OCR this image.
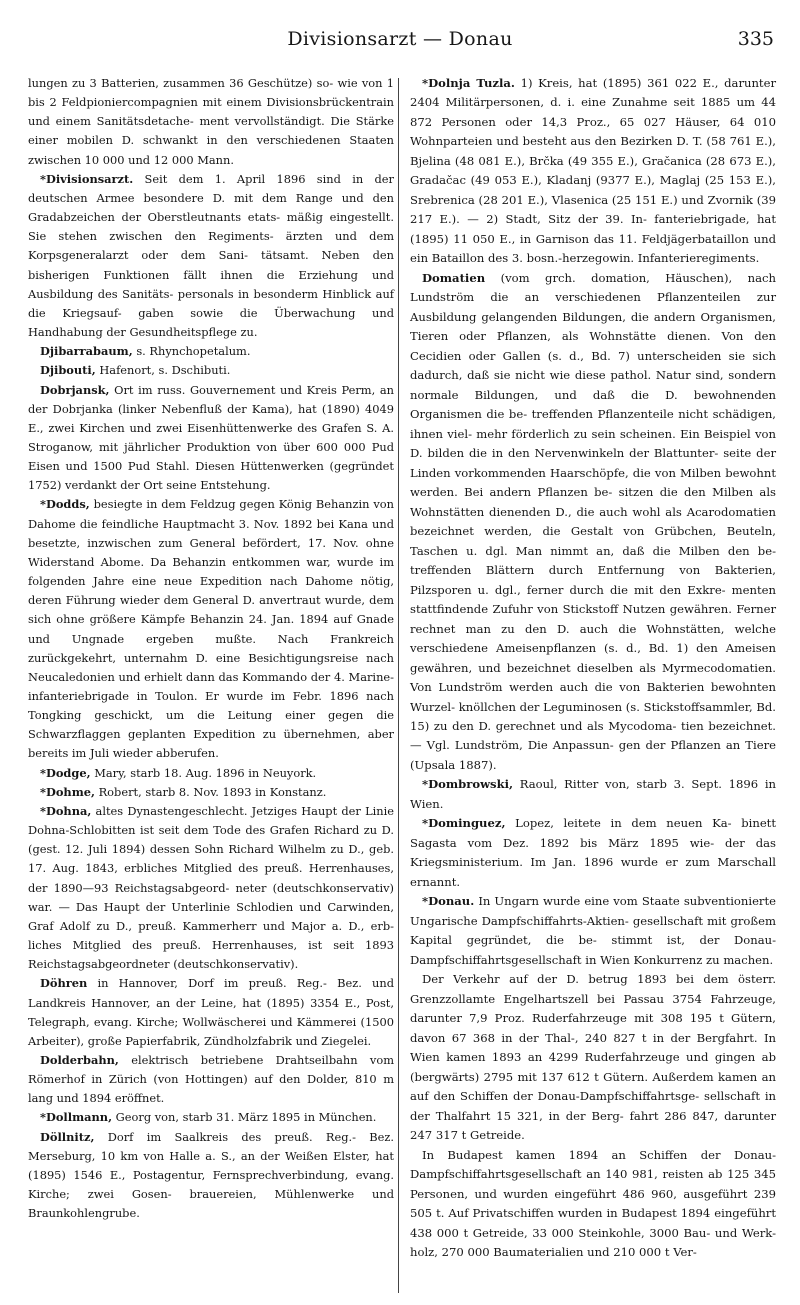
Divisionsarzt — Donau	335

lungen zu 3 Batterien, zusammen 36 Geschütze) so- wie von 1 bis 2 Feldpioniercompagnien mit einem Divisionsbrückentrain und einem Sanitätsdetache- ment vervollständigt. Die Stärke einer mobilen D. schwankt in den verschiedenen Staaten zwischen 10 000 und 12 000 Mann.

*Divisionsarzt. Seit dem 1. April 1896 sind in der deutschen Armee besondere D. mit dem Range und den Gradabzeichen der Oberstleutnants etats- mäßig eingestellt. Sie stehen zwischen den Regiments- ärzten und dem Korpsgeneralarzt oder dem Sani- tätsamt. Neben den bisherigen Funktionen fällt ihnen die Erziehung und Ausbildung des Sanitäts- personals in besonderm Hinblick auf die Kriegsauf- gaben sowie die Überwachung und Handhabung der Gesundheitspflege zu.

Djibarrabaum, s. Rhynchopetalum.

Djibouti, Hafenort, s. Dschibuti.

Dobrjansk, Ort im russ. Gouvernement und Kreis Perm, an der Dobrjanka (linker Nebenfluß der Kama), hat (1890) 4049 E., zwei Kirchen und zwei Eisenhüttenwerke des Grafen S. A. Stroganow, mit jährlicher Produktion von über 600 000 Pud Eisen und 1500 Pud Stahl. Diesen Hüttenwerken (gegründet 1752) verdankt der Ort seine Entstehung.

*Dodds, besiegte in dem Feldzug gegen König Behanzin von Dahome die feindliche Hauptmacht 3. Nov. 1892 bei Kana und besetzte, inzwischen zum General befördert, 17. Nov. ohne Widerstand Abome. Da Behanzin entkommen war, wurde im folgenden Jahre eine neue Expedition nach Dahome nötig, deren Führung wieder dem General D. anvertraut wurde, dem sich ohne größere Kämpfe Behanzin 24. Jan. 1894 auf Gnade und Ungnade ergeben mußte. Nach Frankreich zurückgekehrt, unternahm D. eine Besichtigungsreise nach Neucaledonien und erhielt dann das Kommando der 4. Marine- infanteriebrigade in Toulon. Er wurde im Febr. 1896 nach Tongking geschickt, um die Leitung einer gegen die Schwarzflaggen geplanten Expedition zu übernehmen, aber bereits im Juli wieder abberufen.

*Dodge, Mary, starb 18. Aug. 1896 in Neuyork.

*Dohme, Robert, starb 8. Nov. 1893 in Konstanz.

*Dohna, altes Dynastengeschlecht. Jetziges Haupt der Linie Dohna-Schlobitten ist seit dem Tode des Grafen Richard zu D. (gest. 12. Juli 1894) dessen Sohn Richard Wilhelm zu D., geb. 17. Aug. 1843, erbliches Mitglied des preuß. Herrenhauses, der 1890—93 Reichstagsabgeord- neter (deutschkonservativ) war. — Das Haupt der Unterlinie Schlodien und Carwinden, Graf Adolf zu D., preuß. Kammerherr und Major a. D., erb- liches Mitglied des preuß. Herrenhauses, ist seit 1893 Reichstagsabgeordneter (deutschkonservativ).

Döhren in Hannover, Dorf im preuß. Reg.- Bez. und Landkreis Hannover, an der Leine, hat (1895) 3354 E., Post, Telegraph, evang. Kirche; Wollwäscherei und Kämmerei (1500 Arbeiter), große Papierfabrik, Zündholzfabrik und Ziegelei.

Dolderbahn, elektrisch betriebene Drahtseilbahn vom Römerhof in Zürich (von Hottingen) auf den Dolder, 810 m lang und 1894 eröffnet.

*Dollmann, Georg von, starb 31. März 1895 in München.

Döllnitz, Dorf im Saalkreis des preuß. Reg.- Bez. Merseburg, 10 km von Halle a. S., an der Weißen Elster, hat (1895) 1546 E., Postagentur, Fernsprechverbindung, evang. Kirche; zwei Gosen- brauereien, Mühlenwerke und Braunkohlengrube.

*Dolnja Tuzla. 1) Kreis, hat (1895) 361 022 E., darunter 2404 Militärpersonen, d. i. eine Zunahme seit 1885 um 44 872 Personen oder 14,3 Proz., 65 027 Häuser, 64 010 Wohnparteien und besteht aus den Bezirken D. T. (58 761 E.), Bjelina (48 081 E.), Brčka (49 355 E.), Gračanica (28 673 E.), Gradačac (49 053 E.), Kladanj (9377 E.), Maglaj (25 153 E.), Srebrenica (28 201 E.), Vlasenica (25 151 E.) und Zvornik (39 217 E.). — 2) Stadt, Sitz der 39. In- fanteriebrigade, hat (1895) 11 050 E., in Garnison das 11. Feldjägerbataillon und ein Bataillon des 3. bosn.-herzegowin. Infanterieregiments.

Domatien (vom grch. domation, Häuschen), nach Lundström die an verschiedenen Pflanzenteilen zur Ausbildung gelangenden Bildungen, die andern Organismen, Tieren oder Pflanzen, als Wohnstätte dienen. Von den Cecidien oder Gallen (s. d., Bd. 7) unterscheiden sie sich dadurch, daß sie nicht wie diese pathol. Natur sind, sondern normale Bildungen, und daß die D. bewohnenden Organismen die be- treffenden Pflanzenteile nicht schädigen, ihnen viel- mehr förderlich zu sein scheinen. Ein Beispiel von D. bilden die in den Nervenwinkeln der Blattunter- seite der Linden vorkommenden Haarschöpfe, die von Milben bewohnt werden. Bei andern Pflanzen be- sitzen die den Milben als Wohnstätten dienenden D., die auch wohl als Acarodomatien bezeichnet werden, die Gestalt von Grübchen, Beuteln, Taschen u. dgl. Man nimmt an, daß die Milben den be- treffenden Blättern durch Entfernung von Bakterien, Pilzsporen u. dgl., ferner durch die mit den Exkre- menten stattfindende Zufuhr von Stickstoff Nutzen gewähren. Ferner rechnet man zu den D. auch die Wohnstätten, welche verschiedene Ameisenpflanzen (s. d., Bd. 1) den Ameisen gewähren, und bezeichnet dieselben als Myrmecodomatien. Von Lundström werden auch die von Bakterien bewohnten Wurzel- knöllchen der Leguminosen (s. Stickstoffsammler, Bd. 15) zu den D. gerechnet und als Mycodoma- tien bezeichnet. — Vgl. Lundström, Die Anpassun- gen der Pflanzen an Tiere (Upsala 1887).

*Dombrowski, Raoul, Ritter von, starb 3. Sept. 1896 in Wien.

*Dominguez, Lopez, leitete in dem neuen Ka- binett Sagasta vom Dez. 1892 bis März 1895 wie- der das Kriegsministerium. Im Jan. 1896 wurde er zum Marschall ernannt.

*Donau. In Ungarn wurde eine vom Staate subventionierte Ungarische Dampfschiffahrts-Aktien- gesellschaft mit großem Kapital gegründet, die be- stimmt ist, der Donau-Dampfschiffahrtsgesellschaft in Wien Konkurrenz zu machen.

Der Verkehr auf der D. betrug 1893 bei dem österr. Grenzzollamte Engelhartszell bei Passau 3754 Fahrzeuge, darunter 7,9 Proz. Ruderfahrzeuge mit 308 195 t Gütern, davon 67 368 in der Thal-, 240 827 t in der Bergfahrt. In Wien kamen 1893 an 4299 Ruderfahrzeuge und gingen ab (bergwärts) 2795 mit 137 612 t Gütern. Außerdem kamen an auf den Schiffen der Donau-Dampfschiffahrtsge- sellschaft in der Thalfahrt 15 321, in der Berg- fahrt 286 847, darunter 247 317 t Getreide.

In Budapest kamen 1894 an Schiffen der Donau-Dampfschiffahrtsgesellschaft an 140 981, reisten ab 125 345 Personen, und wurden eingeführt 486 960, ausgeführt 239 505 t. Auf Privatschiffen wurden in Budapest 1894 eingeführt 438 000 t Getreide, 33 000 Steinkohle, 3000 Bau- und Werk- holz, 270 000 Baumaterialien und 210 000 t Ver-
